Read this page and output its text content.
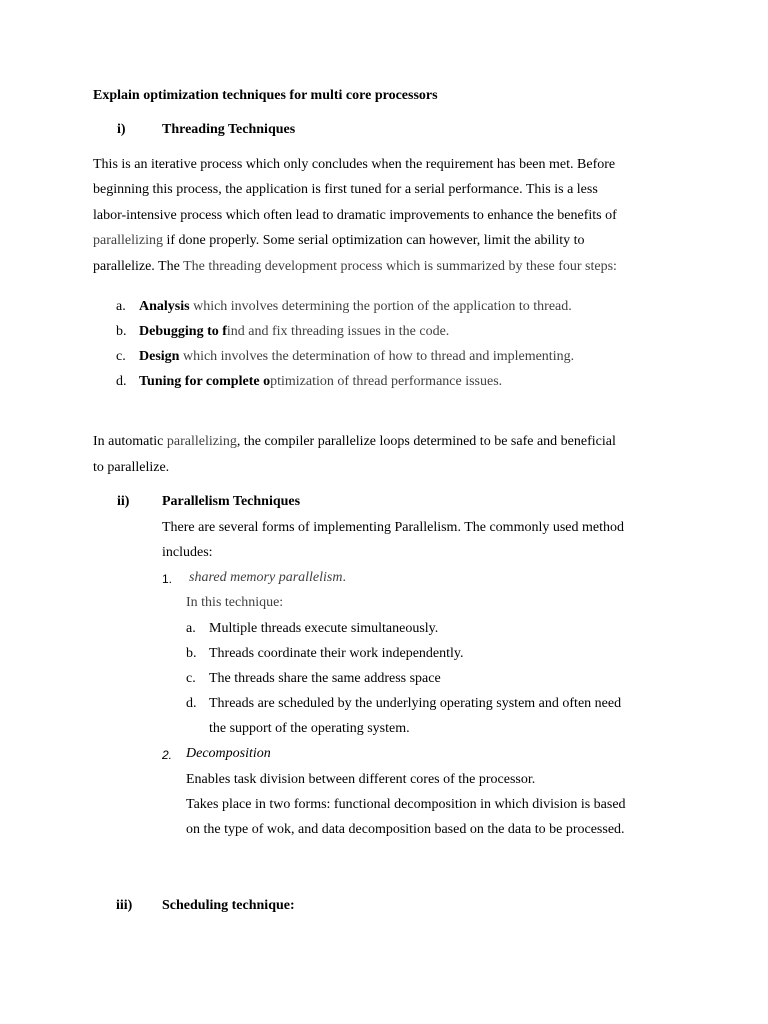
Explain optimization techniques for multi core processors
i)	Threading Techniques
This is an iterative process which only concludes when the requirement has been met. Before
beginning this process, the application is first tuned for a serial performance. This is a less
labor-intensive process which often lead to dramatic improvements to enhance the benefits of
parallelizing if done properly. Some serial optimization can however, limit the ability to
parallelize. The The threading development process which is summarized by these four steps:
a. Analysis which involves determining the portion of the application to thread.
b. Debugging to find and fix threading issues in the code.
c. Design which involves the determination of how to thread and implementing.
d. Tuning for complete optimization of thread performance issues.
In automatic parallelizing, the compiler parallelize loops determined to be safe and beneficial
to parallelize.
ii) Parallelism Techniques
There are several forms of implementing Parallelism. The commonly used method
includes:
1. shared memory parallelism.
In this technique:
a. Multiple threads execute simultaneously.
b. Threads coordinate their work independently.
c. The threads share the same address space
d. Threads are scheduled by the underlying operating system and often need
the support of the operating system.
2. Decomposition
Enables task division between different cores of the processor.
Takes place in two forms: functional decomposition in which division is based
on the type of wok, and data decomposition based on the data to be processed.
iii) Scheduling technique:
